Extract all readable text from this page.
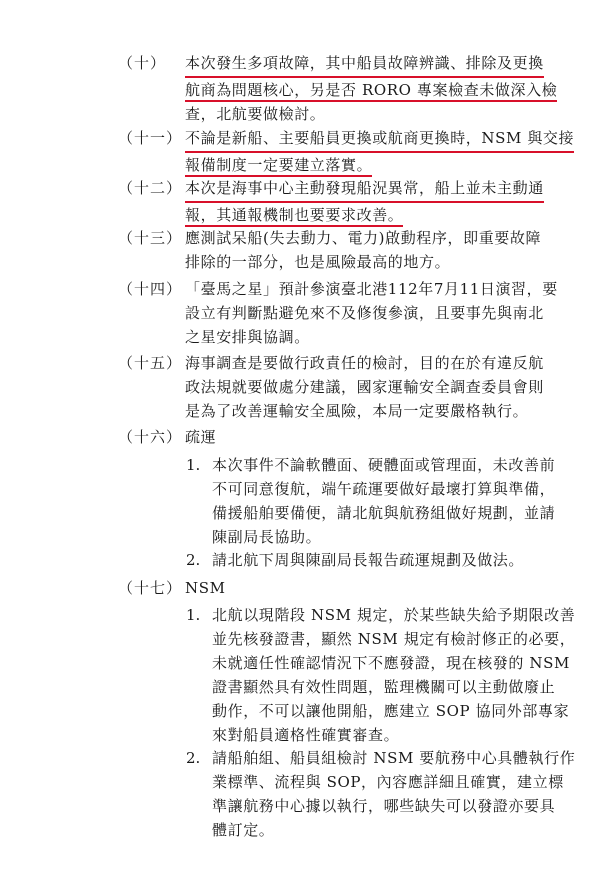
（十） 本次發生多項故障，其中船員故障辨識、排除及更換
航商為問題核心，另是否 RORO 專案檢查未做深入檢
查，北航要做檢討。
（十一） 不論是新船、主要船員更換或航商更換時，NSM 與交接
報備制度一定要建立落實。
（十二） 本次是海事中心主動發現船況異常，船上並未主動通
報，其通報機制也要要求改善。
（十三） 應測試呆船(失去動力、電力)啟動程序，即重要故障
排除的一部分，也是風險最高的地方。
（十四） 「臺馬之星」預計參演臺北港112年7月11日演習，要
設立有判斷點避免來不及修復參演，且要事先與南北
之星安排與協調。
（十五） 海事調查是要做行政責任的檢討，目的在於有違反航
政法規就要做處分建議，國家運輸安全調查委員會則
是為了改善運輸安全風險，本局一定要嚴格執行。
（十六） 疏運
1. 本次事件不論軟體面、硬體面或管理面，未改善前
不可同意復航，端午疏運要做好最壞打算與準備，
備援船舶要備便，請北航與航務組做好規劃，並請
陳副局長協助。
2. 請北航下周與陳副局長報告疏運規劃及做法。
（十七） NSM
1. 北航以現階段 NSM 規定，於某些缺失給予期限改善
並先核發證書，顯然 NSM 規定有檢討修正的必要，
未就適任性確認情況下不應發證，現在核發的 NSM
證書顯然具有效性問題，監理機關可以主動做廢止
動作，不可以讓他開船，應建立 SOP 協同外部專家
來對船員適格性確實審查。
2. 請船舶組、船員組檢討 NSM 要航務中心具體執行作
業標準、流程與 SOP，內容應詳細且確實，建立標
準讓航務中心據以執行，哪些缺失可以發證亦要具
體訂定。
